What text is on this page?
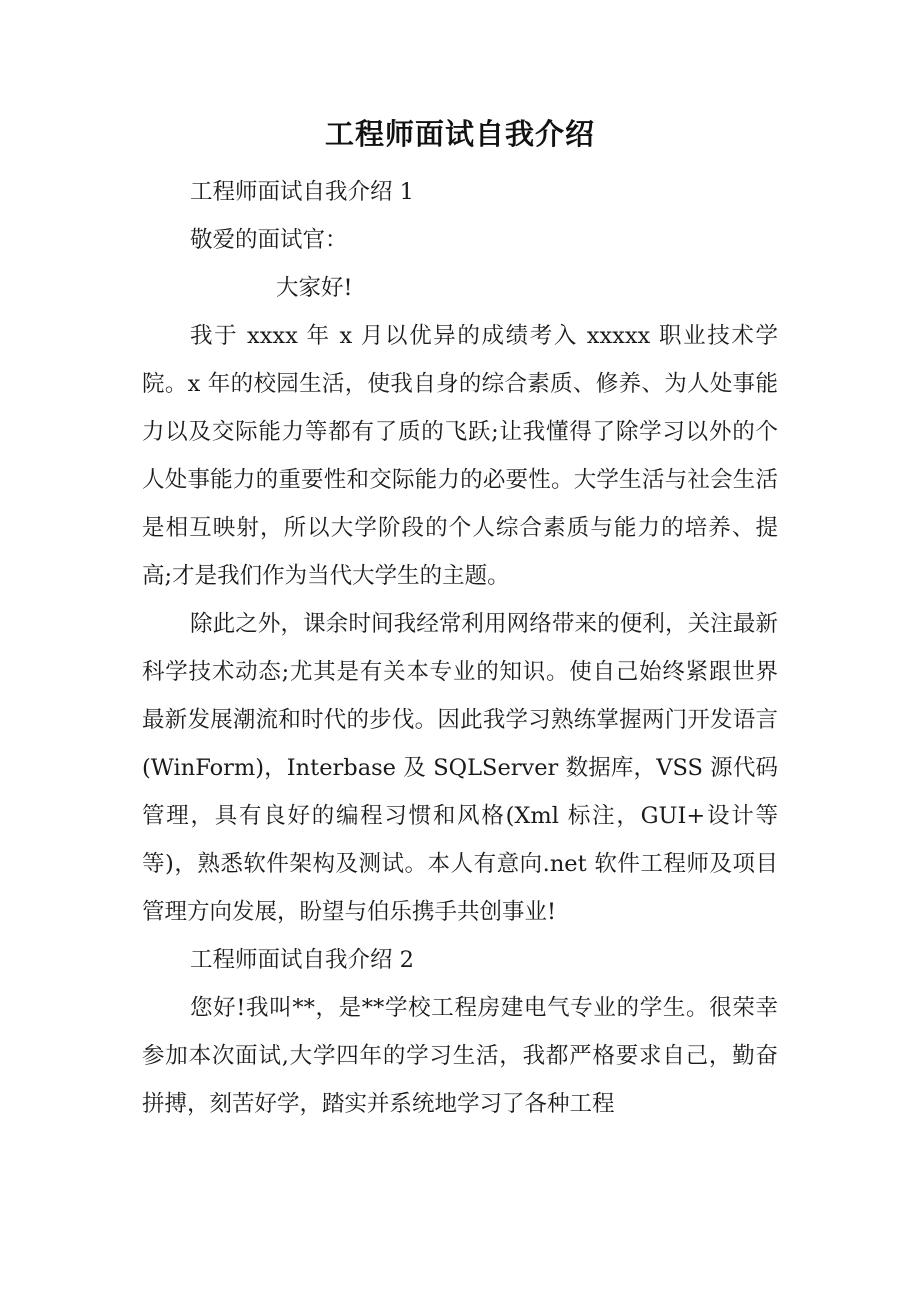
工程师面试自我介绍

工程师面试自我介绍 1

敬爱的面试官：

大家好!

我于 xxxx 年 x 月以优异的成绩考入 xxxxx 职业技术学院。x 年的校园生活，使我自身的综合素质、修养、为人处事能力以及交际能力等都有了质的飞跃;让我懂得了除学习以外的个人处事能力的重要性和交际能力的必要性。大学生活与社会生活是相互映射，所以大学阶段的个人综合素质与能力的培养、提高;才是我们作为当代大学生的主题。

除此之外，课余时间我经常利用网络带来的便利，关注最新科学技术动态;尤其是有关本专业的知识。使自己始终紧跟世界最新发展潮流和时代的步伐。因此我学习熟练掌握两门开发语言(WinForm)，Interbase 及 SQLServer 数据库，VSS 源代码管理，具有良好的编程习惯和风格(Xml 标注，GUI+设计等等)，熟悉软件架构及测试。本人有意向.net 软件工程师及项目管理方向发展，盼望与伯乐携手共创事业!

工程师面试自我介绍 2

您好!我叫**，是**学校工程房建电气专业的学生。很荣幸参加本次面试,大学四年的学习生活，我都严格要求自己，勤奋拼搏，刻苦好学，踏实并系统地学习了各种工程
